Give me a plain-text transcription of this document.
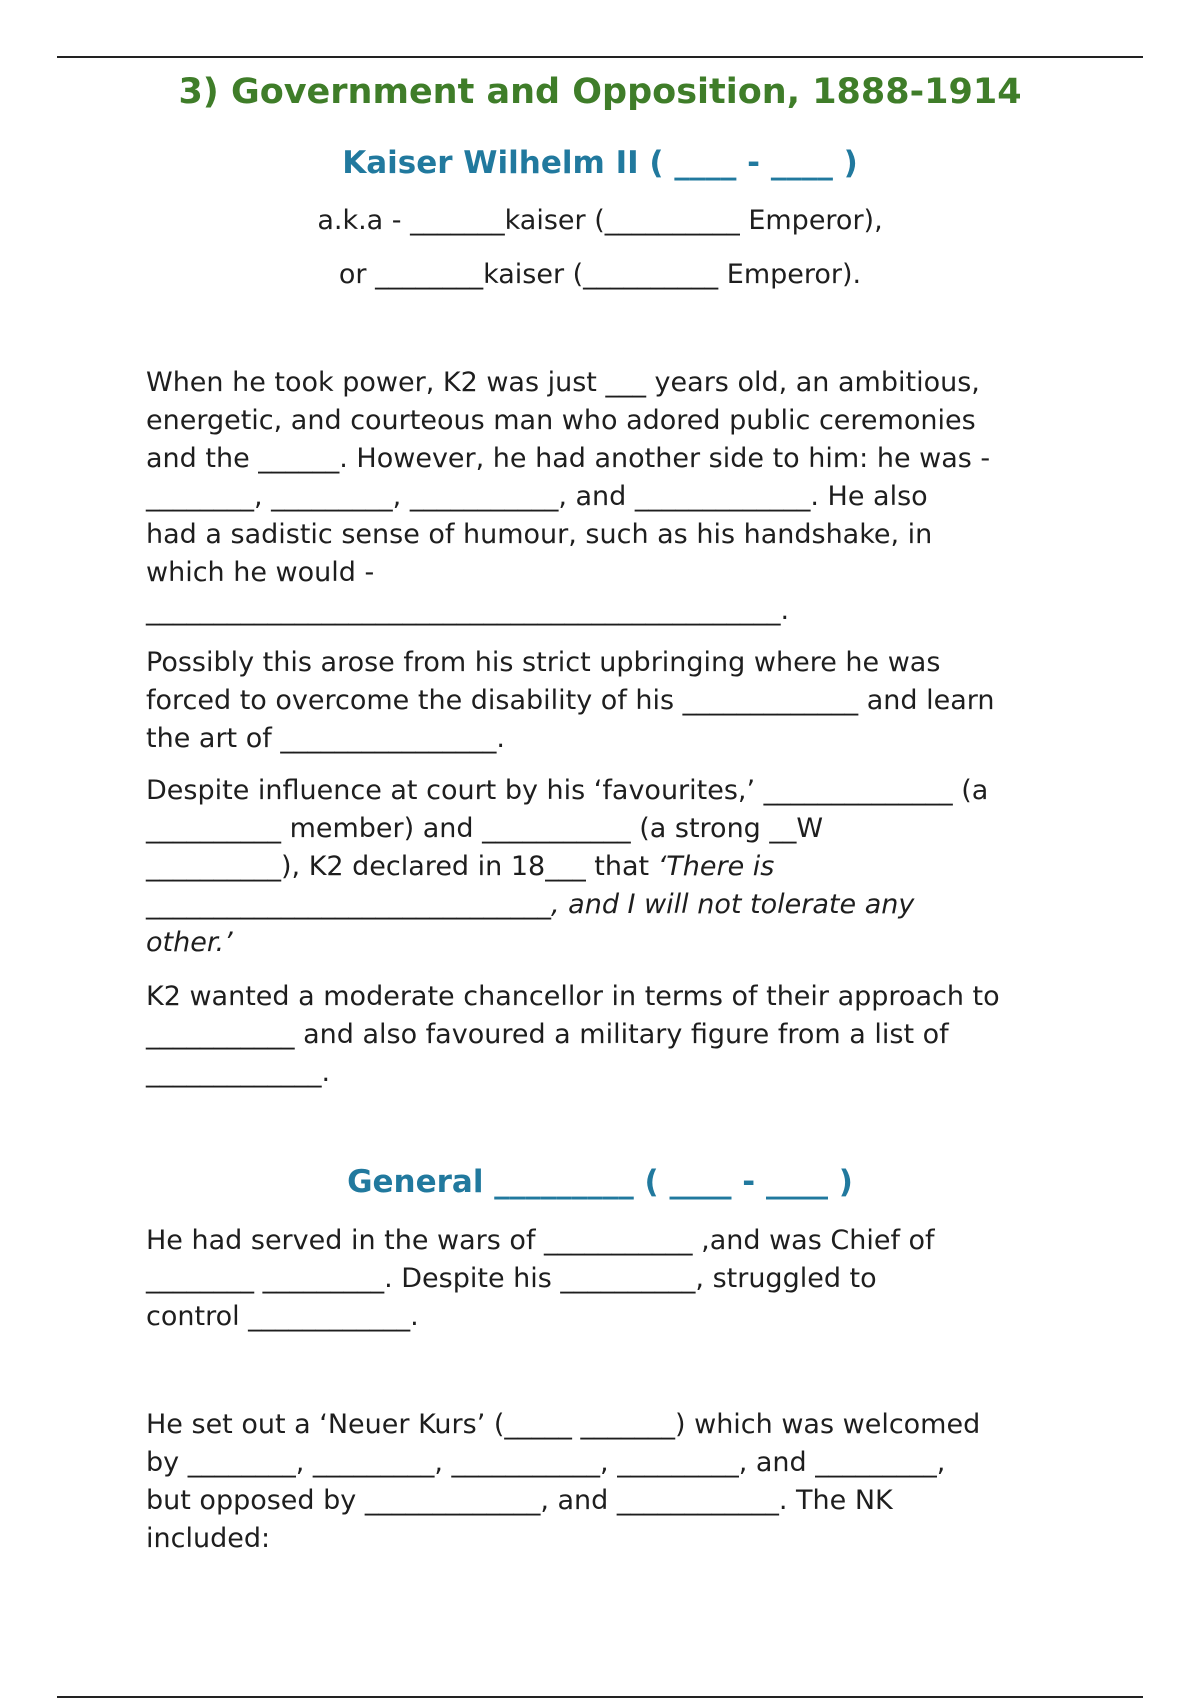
3) Government and Opposition, 1888-1914
Kaiser Wilhelm II ( ____ - ____ )

a.k.a - _______kaiser (__________ Emperor),

or ________kaiser (__________ Emperor).

When he took power, K2 was just ___ years old, an ambitious,
energetic, and courteous man who adored public ceremonies
and the ______. However, he had another side to him: he was -
________, _________, ___________, and _____________. He also
had a sadistic sense of humour, such as his handshake, in
which he would -
_______________________________________________.
Possibly this arose from his strict upbringing where he was
forced to overcome the disability of his _____________ and learn
the art of ________________.
Despite influence at court by his ‘favourites,’ ______________ (a
__________ member) and ___________ (a strong __W
__________), K2 declared in 18___ that ‘There is
______________________________, and I will not tolerate any
other.’
K2 wanted a moderate chancellor in terms of their approach to
___________ and also favoured a military figure from a list of
_____________.
General _________ ( ____ - ____ )
He had served in the wars of ___________ ,and was Chief of
________ _________. Despite his __________, struggled to
control ____________.
He set out a ‘Neuer Kurs’ (_____ _______) which was welcomed
by ________, _________, ___________, _________, and _________,
but opposed by _____________, and ____________. The NK
included:
